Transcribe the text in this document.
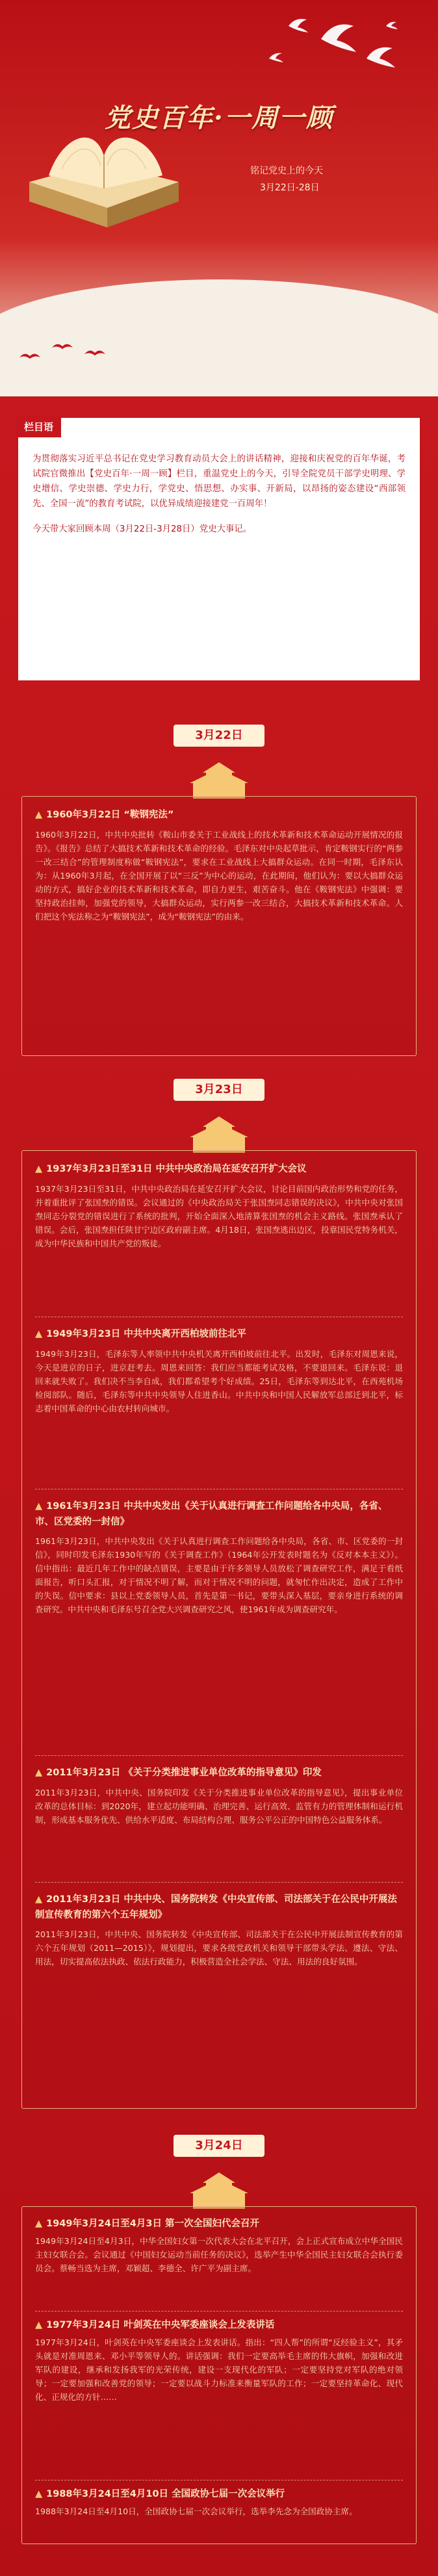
党史百年·一周一顾
铭记党史上的今天
3月22日-28日
栏目语

为贯彻落实习近平总书记在党史学习教育动员大会上的讲话精神，迎接和庆祝党的百年华诞，考试院官微推出【党史百年·一周一顾】栏目，重温党史上的今天，引导全院党员干部学史明理、学史增信、学史崇德、学史力行，学党史、悟思想、办实事、开新局，以昂扬的姿态建设“西部领先、全国一流”的教育考试院，以优异成绩迎接建党一百周年！

今天带大家回顾本周（3月22日-3月28日）党史大事记。

3月22日
▲ 1960年3月22日 “鞍钢宪法”
1960年3月22日，中共中央批转《鞍山市委关于工业战线上的技术革新和技术革命运动开展情况的报告》。《报告》总结了大搞技术革新和技术革命的经验。毛泽东对中央起草批示，肯定鞍钢实行的“两参一改三结合”的管理制度称做“鞍钢宪法”，要求在工业战线上大搞群众运动。在同一时期，毛泽东认为：从1960年3月起，在全国开展了以“三反”为中心的运动，在此期间，他们认为：要以大搞群众运动的方式，搞好企业的技术革新和技术革命，即自力更生，艰苦奋斗。他在《鞍钢宪法》中强调：要坚持政治挂帅，加强党的领导，大搞群众运动，实行两参一改三结合，大搞技术革新和技术革命。人们把这个宪法称之为“鞍钢宪法”，成为“鞍钢宪法”的由来。
3月23日
▲ 1937年3月23日至31日 中共中央政治局在延安召开扩大会议
1937年3月23日至31日，中共中央政治局在延安召开扩大会议，讨论目前国内政治形势和党的任务，并着重批评了张国焘的错误。会议通过的《中央政治局关于张国焘同志错误的决议》，中共中央对张国焘同志分裂党的错误进行了系统的批判，开始全面深入地清算张国焘的机会主义路线。张国焘承认了错误。会后，张国焘担任陕甘宁边区政府副主席。4月18日，张国焘逃出边区，投靠国民党特务机关，成为中华民族和中国共产党的叛徒。
▲ 1949年3月23日 中共中央离开西柏坡前往北平
1949年3月23日，毛泽东等人率领中共中央机关离开西柏坡前往北平。出发时，毛泽东对周恩来说，今天是进京的日子，进京赶考去。周恩来回答：我们应当都能考试及格，不要退回来。毛泽东说：退回来就失败了。我们决不当李自成，我们都希望考个好成绩。25日，毛泽东等到达北平，在西苑机场检阅部队。随后，毛泽东等中共中央领导人住进香山。中共中央和中国人民解放军总部迁到北平，标志着中国革命的中心由农村转向城市。
▲ 1961年3月23日 中共中央发出《关于认真进行调查工作问题给各中央局，各省、市、区党委的一封信》
1961年3月23日，中共中央发出《关于认真进行调查工作问题给各中央局，各省、市、区党委的一封信》，同时印发毛泽东1930年写的《关于调查工作》（1964年公开发表时题名为《反对本本主义》）。信中指出：最近几年工作中的缺点错误，主要是由于许多领导人员放松了调查研究工作，满足于看纸面报告，听口头汇报，对于情况不明了解，而对于情况不明的问题，就匆忙作出决定，造成了工作中的失误。信中要求：县以上党委领导人员，首先是第一书记，要带头深入基层，要亲身进行系统的调查研究。中共中央和毛泽东号召全党大兴调查研究之风，使1961年成为调查研究年。
▲ 2011年3月23日 《关于分类推进事业单位改革的指导意见》印发
2011年3月23日，中共中央、国务院印发《关于分类推进事业单位改革的指导意见》，提出事业单位改革的总体目标：到2020年，建立起功能明确、治理完善、运行高效、监管有力的管理体制和运行机制，形成基本服务优先、供给水平适度、布局结构合理、服务公平公正的中国特色公益服务体系。
▲ 2011年3月23日 中共中央、国务院转发《中央宣传部、司法部关于在公民中开展法制宣传教育的第六个五年规划》
2011年3月23日，中共中央、国务院转发《中央宣传部、司法部关于在公民中开展法制宣传教育的第六个五年规划（2011—2015）》，规划提出，要求各级党政机关和领导干部带头学法、遵法、守法、用法，切实提高依法执政、依法行政能力，积极营造全社会学法、守法、用法的良好氛围。
3月24日
▲ 1949年3月24日至4月3日 第一次全国妇代会召开
1949年3月24日至4月3日，中华全国妇女第一次代表大会在北平召开，会上正式宣布成立中华全国民主妇女联合会。会议通过《中国妇女运动当前任务的决议》，选举产生中华全国民主妇女联合会执行委员会。蔡畅当选为主席，邓颖超、李德全、许广平为副主席。
▲ 1977年3月24日 叶剑英在中央军委座谈会上发表讲话
1977年3月24日，叶剑英在中央军委座谈会上发表讲话。指出：“四人帮”的所谓“反经验主义”，其矛头就是对准周恩来、邓小平等领导人的。讲话强调：我们一定要高举毛主席的伟大旗帜，加强和改进军队的建设，继承和发扬我军的光荣传统，建设一支现代化的军队；一定要坚持党对军队的绝对领导；一定要加强和改善党的领导；一定要以战斗力标准来衡量军队的工作；一定要坚持革命化、现代化、正规化的方针……
▲ 1988年3月24日至4月10日 全国政协七届一次会议举行
1988年3月24日至4月10日，全国政协七届一次会议举行，选举李先念为全国政协主席。
